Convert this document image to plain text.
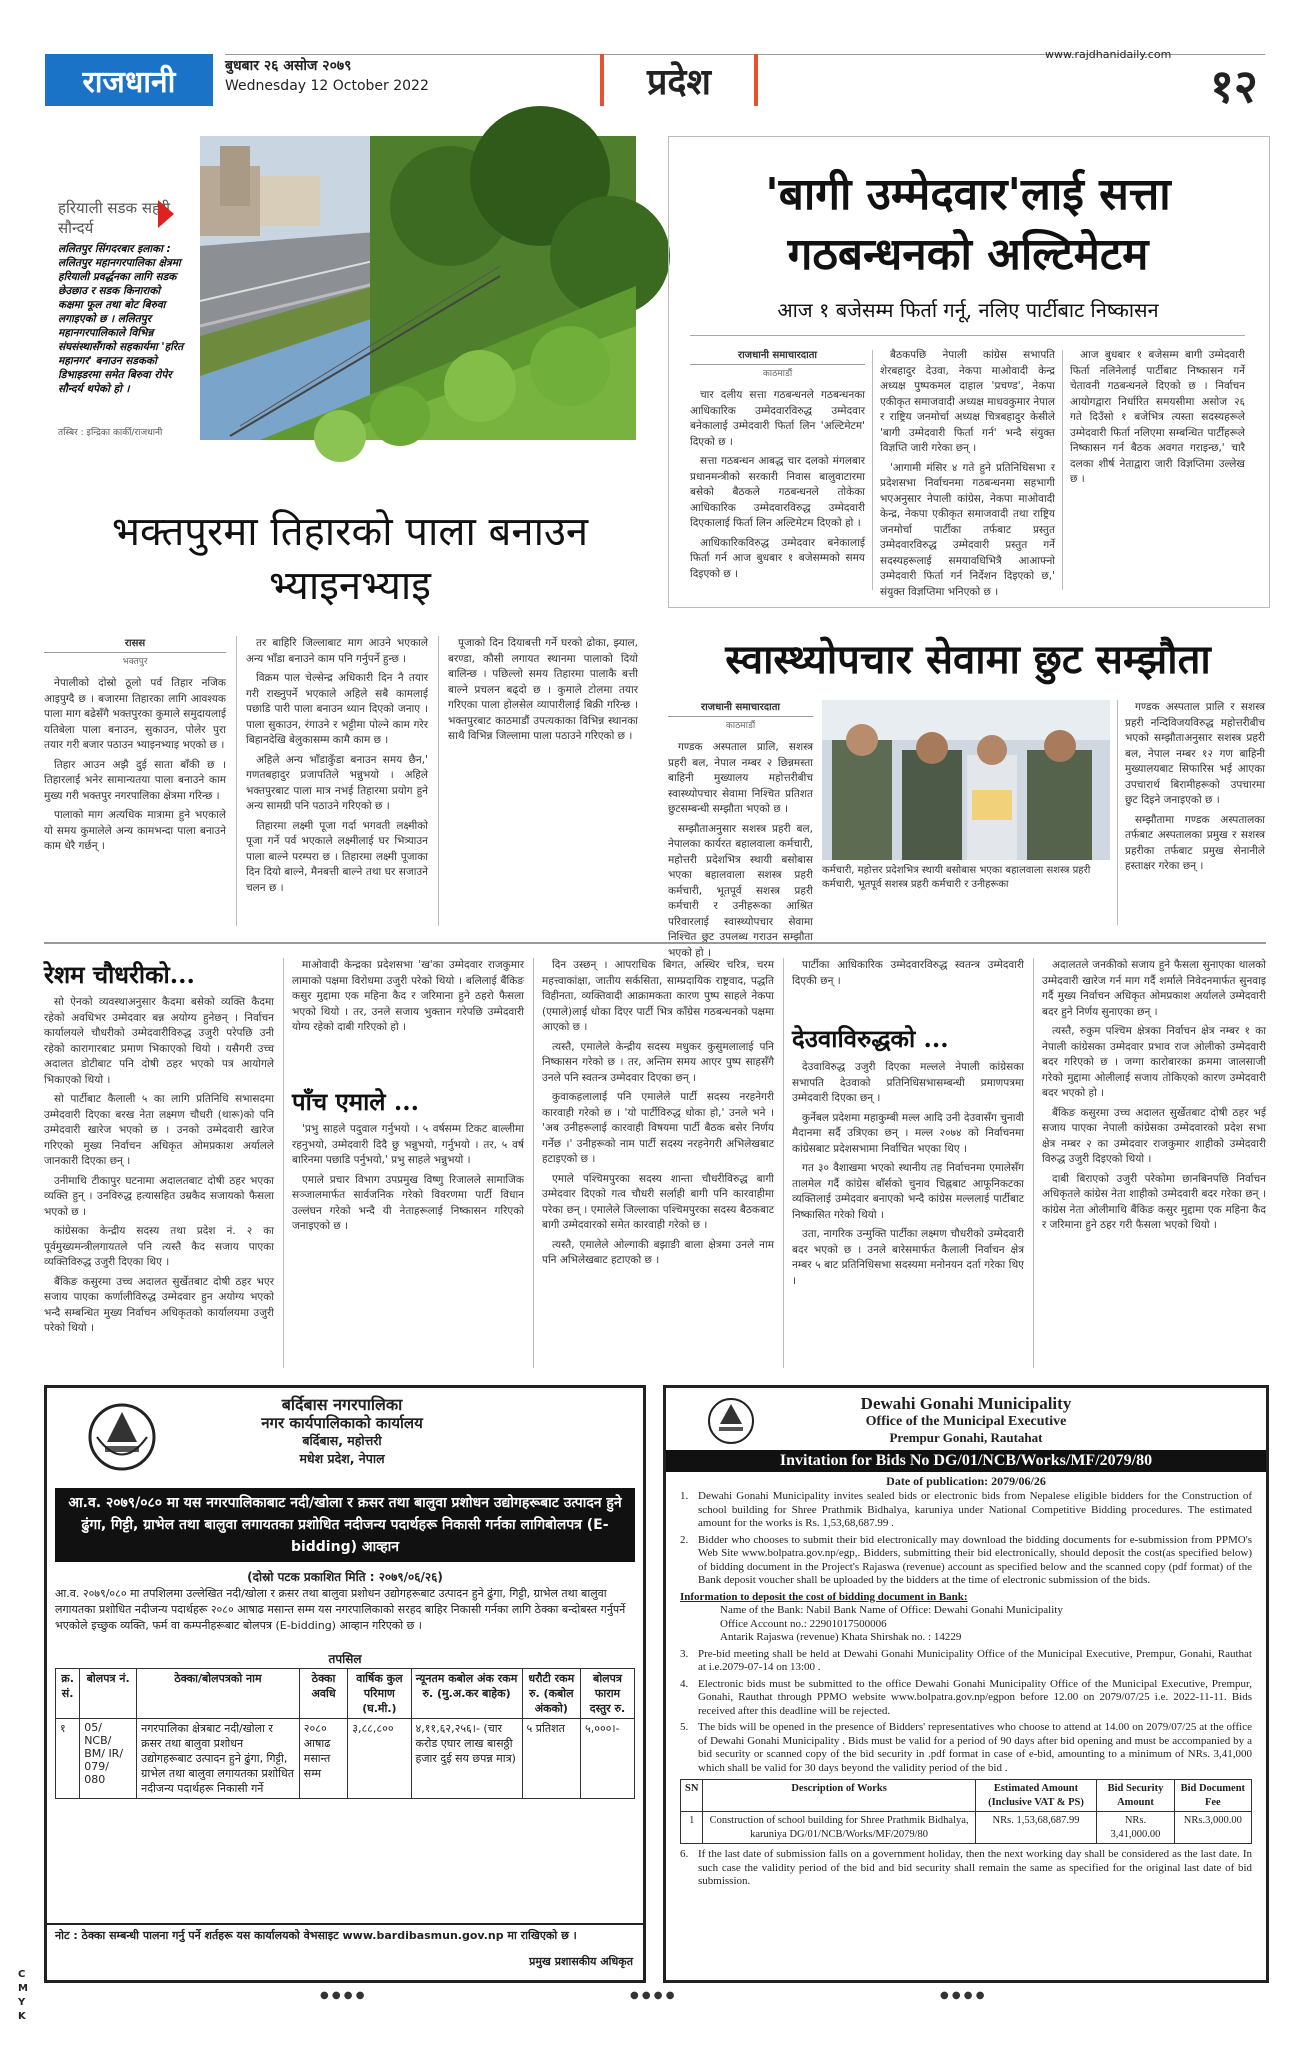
राजधानी	बुधबार २६ असोज २०७९
Wednesday 12 October 2022	प्रदेश
www.rajdhanidaily.com
१२
हरियाली सडक सहरी सौन्दर्य
ललितपुर सिंगदरबार इलाका : ललितपुर महानगरपालिका क्षेत्रमा हरियाली प्रवर्द्धनका लागि सडक छेउछाउ र सडक किनाराको कक्षमा फूल तथा बोट बिरुवा लगाइएको छ । ललितपुर महानगरपालिकाले विभिन्न संघसंस्थासँगको सहकार्यमा 'हरित महानगर' बनाउन सडकको डिभाइडरमा समेत बिरुवा रोपेर सौन्दर्य थपेको हो ।
तस्बिर : इन्द्रिका कार्की/राजधानी
'बागी उम्मेदवार'लाई सत्ता गठबन्धनको अल्टिमेटम
आज १ बजेसम्म फिर्ता गर्नू, नलिए पार्टीबाट निष्कासन
राजधानी समाचारदाता
काठमाडौं

चार दलीय सत्ता गठबन्धनले गठबन्धनका आधिकारिक उम्मेदवारविरुद्ध उम्मेदवार बनेकालाई उम्मेदवारी फिर्ता लिन 'अल्टिमेटम' दिएको छ ।

सत्ता गठबन्धन आबद्ध चार दलको मंगलबार प्रधानमन्त्रीको सरकारी निवास बालुवाटारमा बसेको बैठकले गठबन्धनले तोकेका आधिकारिक उम्मेदवारविरुद्ध उम्मेदवारी दिएकालाई फिर्ता लिन अल्टिमेटम दिएको हो ।

आधिकारिकविरुद्ध उम्मेदवार बनेकालाई फिर्ता गर्न आज बुधबार १ बजेसम्मको समय दिइएको छ ।

बैठकपछि नेपाली कांग्रेस सभापति शेरबहादुर देउवा, नेकपा माओवादी केन्द्र अध्यक्ष पुष्पकमल दाहाल 'प्रचण्ड', नेकपा एकीकृत समाजवादी अध्यक्ष माधवकुमार नेपाल र राष्ट्रिय जनमोर्चा अध्यक्ष चित्रबहादुर केसीले 'बागी उम्मेदवारी फिर्ता गर्न' भन्दै संयुक्त विज्ञप्ति जारी गरेका छन् ।

'आगामी मंसिर ४ गते हुने प्रतिनिधिसभा र प्रदेशसभा निर्वाचनमा गठबन्धनमा सहभागी भएअनुसार नेपाली कांग्रेस, नेकपा माओवादी केन्द्र, नेकपा एकीकृत समाजवादी तथा राष्ट्रिय जनमोर्चा पार्टीका तर्फबाट प्रस्तुत उम्मेदवारविरुद्ध उम्मेदवारी प्रस्तुत गर्ने सदस्यहरूलाई समयावधिभित्रै आआफ्नो उम्मेदवारी फिर्ता गर्न निर्देशन दिइएको छ,' संयुक्त विज्ञप्तिमा भनिएको छ ।

आज बुधबार १ बजेसम्म बागी उम्मेदवारी फिर्ता नलिनेलाई पार्टीबाट निष्कासन गर्ने चेतावनी गठबन्धनले दिएको छ । निर्वाचन आयोगद्वारा निर्धारित समयसीमा असोज २६ गते दिउँसो १ बजेभित्र त्यस्ता सदस्यहरूले उम्मेदवारी फिर्ता नलिएमा सम्बन्धित पार्टीहरूले निष्कासन गर्न बैठक अवगत गराइन्छ,' चारै दलका शीर्ष नेताद्वारा जारी विज्ञप्तिमा उल्लेख छ ।

भक्तपुरमा तिहारको पाला बनाउन भ्याइनभ्याइ
रासस
भक्तपुर

नेपालीको दोस्रो ठूलो पर्व तिहार नजिक आइपुग्दै छ । बजारमा तिहारका लागि आवश्यक पाला माग बढेसँगै भक्तपुरका कुमाले समुदायलाई यतिबेला पाला बनाउन, सुकाउन, पोलेर पुरा तयार गरी बजार पठाउन भ्याइनभ्याइ भएको छ ।

तिहार आउन अझै दुई साता बाँकी छ । तिहारलाई भनेर सामान्यतया पाला बनाउने काम मुख्य गरी भक्तपुर नगरपालिका क्षेत्रमा गरिन्छ ।

पालाको माग अत्यधिक मात्रामा हुने भएकाले यो समय कुमालेले अन्य कामभन्दा पाला बनाउने काम धेरै गर्छन् ।

तर बाहिरि जिल्लाबाट माग आउने भएकाले अन्य भाँडा बनाउने काम पनि गर्नुपर्ने हुन्छ ।

विक्रम पाल चेल्सेन्द्र अधिकारी दिन नै तयार गरी राख्नुपर्ने भएकाले अहिले सबै कामलाई पछाडि पारी पाला बनाउन ध्यान दिएको जनाए । पाला सुकाउन, रंगाउने र भट्टीमा पोल्ने काम गरेर बिहानदेखि बेलुकासम्म कामै काम छ ।

अहिले अन्य भाँडाकुँडा बनाउन समय छैन,' गणतबहादुर प्रजापतिले भन्नुभयो । अहिले भक्तपुरबाट पाला मात्र नभई तिहारमा प्रयोग हुने अन्य सामग्री पनि पठाउने गरिएको छ ।

तिहारमा लक्ष्मी पूजा गर्दा भगवती लक्ष्मीको पूजा गर्ने पर्व भएकाले लक्ष्मीलाई घर भित्र्याउन पाला बाल्ने परम्परा छ । तिहारमा लक्ष्मी पूजाका दिन दियो बाल्ने, मैनबत्ती बाल्ने तथा घर सजाउने चलन छ ।

पूजाको दिन दियाबत्ती गर्ने घरको ढोका, झ्याल, बरण्डा, कौसी लगायत स्थानमा पालाको दियो बालिन्छ । पछिल्लो समय तिहारमा पालाकै बत्ती बाल्ने प्रचलन बढ्दो छ । कुमाले टोलमा तयार गरिएका पाला होलसेल व्यापारीलाई बिक्री गरिन्छ । भक्तपुरबाट काठमाडौं उपत्यकाका विभिन्न स्थानका साथै विभिन्न जिल्लामा पाला पठाउने गरिएको छ ।

स्वास्थ्योपचार सेवामा छुट सम्झौता
राजधानी समाचारदाता
काठमाडौं

गण्डक अस्पताल प्रालि, सशस्त्र प्रहरी बल, नेपाल नम्बर २ छिन्नमस्ता बाहिनी मुख्यालय महोत्तरीबीच स्वास्थ्योपचार सेवामा निश्चित प्रतिशत छुटसम्बन्धी सम्झौता भएको छ ।

सम्झौताअनुसार सशस्त्र प्रहरी बल, नेपालका कार्यरत बहालवाला कर्मचारी, महोत्तरी प्रदेशभित्र स्थायी बसोबास भएका बहालवाला सशस्त्र प्रहरी कर्मचारी, भूतपूर्व सशस्त्र प्रहरी कर्मचारी र उनीहरूका आश्रित परिवारलाई स्वास्थ्योपचार सेवामा निश्चित छुट उपलब्ध गराउन सम्झौता भएको हो ।

कर्मचारी, महोत्तर प्रदेशभित्र स्थायी बसोबास भएका बहालवाला सशस्त्र प्रहरी कर्मचारी, भूतपूर्व सशस्त्र प्रहरी कर्मचारी र उनीहरूका

गण्डक अस्पताल प्रालि र सशस्त्र प्रहरी नन्दिविजयविरुद्ध महोत्तरीबीच भएको सम्झौताअनुसार सशस्त्र प्रहरी बल, नेपाल नम्बर १२ गण बाहिनी मुख्यालयबाट सिफारिस भई आएका उपचारार्थ बिरामीहरूको उपचारमा छुट दिइने जनाइएको छ ।

सम्झौतामा गण्डक अस्पतालका तर्फबाट अस्पतालका प्रमुख र सशस्त्र प्रहरीका तर्फबाट प्रमुख सेनानीले हस्ताक्षर गरेका छन् ।

रेशम चौधरीको...

सो ऐनको व्यवस्थाअनुसार कैदमा बसेको व्यक्ति कैदमा रहेको अवधिभर उम्मेदवार बन्न अयोग्य हुनेछन् । निर्वाचन कार्यालयले चौधरीको उम्मेदवारीविरुद्ध उजुरी परेपछि उनी रहेको कारागारबाट प्रमाण भिकाएको थियो । यसैगरी उच्च अदालत डोटीबाट पनि दोषी ठहर भएको पत्र आयोगले भिकाएको थियो ।

सो पार्टीबाट कैलाली ५ का लागि प्रतिनिधि सभासदमा उम्मेदवारी दिएका बरख नेता लक्ष्मण चौधरी (थारू)को पनि उम्मेदवारी खारेज भएको छ । उनको उम्मेदवारी खारेज गरिएको मुख्य निर्वाचन अधिकृत ओमप्रकाश अर्यालले जानकारी दिएका छन् ।

उनीमाथि टीकापुर घटनामा अदालतबाट दोषी ठहर भएका व्यक्ति हुन् । उनविरुद्ध हत्यासहित उम्रकैद सजायको फैसला भएको छ ।

कांग्रेसका केन्द्रीय सदस्य तथा प्रदेश नं. २ का पूर्वमुख्यमन्त्रीलगायतले पनि त्यस्तै कैद सजाय पाएका व्यक्तिविरुद्ध उजुरी दिएका थिए ।

बैंकिङ कसुरमा उच्च अदालत सुर्खेतबाट दोषी ठहर भएर सजाय पाएका कर्णालीविरुद्ध उम्मेदवार हुन अयोग्य भएको भन्दै सम्बन्धित मुख्य निर्वाचन अधिकृतको कार्यालयमा उजुरी परेको थियो ।

माओवादी केन्द्रका प्रदेशसभा 'ख'का उम्मेदवार राजकुमार लामाको पक्षमा विरोधमा उजुरी परेको थियो । बलिलाई बैंकिङ कसुर मुद्दामा एक महिना कैद र जरिमाना हुने ठहरो फैसला भएको थियो । तर, उनले सजाय भुक्तान गरेपछि उम्मेदवारी योग्य रहेको दाबी गरिएको हो ।

पाँच एमाले ...

'प्रभु साहले पदुवाल गर्नुभयो । ५ वर्षसम्म टिकट बाल्लीमा रहनुभयो, उम्मेदवारी दिदै छु भन्नुभयो, गर्नुभयो । तर, ५ वर्ष बारिनमा पछाडि पर्नुभयो,' प्रभु साहले भन्नुभयो ।

एमाले प्रचार विभाग उपप्रमुख विष्णु रिजालले सामाजिक सञ्जालमार्फत सार्वजनिक गरेको विवरणमा पार्टी विधान उल्लंघन गरेको भन्दै यी नेताहरूलाई निष्कासन गरिएको जनाइएको छ ।

दिन उस्छन् । आपराधिक बिगत, अस्थिर चरित्र, चरम महत्त्वाकांक्षा, जातीय सर्कसिता, साम्प्रदायिक राष्ट्रवाद, पद्धति विहीनता, व्यक्तिवादी आक्रामकता कारण पुष्प साहले नेकपा (एमाले)लाई धोका दिएर पार्टी भित्र काँग्रेस गठबन्धनको पक्षमा आएको छ ।

त्यस्तै, एमालेले केन्द्रीय सदस्य मधुकर कुसुमलालाई पनि निष्कासन गरेको छ । तर, अन्तिम समय आएर पुष्प साहसँगै उनले पनि स्वतन्त्र उम्मेदवार दिएका छन् ।

कुवाकहलालाई पनि एमालेले पार्टी सदस्य नरहनेगरी कारवाही गरेको छ । 'यो पार्टीविरुद्ध धोका हो,' उनले भने । 'अब उनीहरूलाई कारवाही विषयमा पार्टी बैठक बसेर निर्णय गर्नेछ ।' उनीहरूको नाम पार्टी सदस्य नरहनेगरी अभिलेखबाट हटाइएको छ ।

एमाले पश्चिमपुरका सदस्य शान्ता चौधरीविरुद्ध बागी उम्मेदवार दिएको गत्व चौधरी सर्लाही बागी पनि कारवाहीमा परेका छन् । एमालेले जिल्लाका पश्चिमपुरका सदस्य बैठकबाट बागी उम्मेदवारको समेत कारवाही गरेको छ ।

त्यस्तै, एमालेले ओल्गाकी बझाङी बाला क्षेत्रमा उनले नाम पनि अभिलेखबाट हटाएको छ ।

पार्टीका आधिकारिक उम्मेदवारविरुद्ध स्वतन्त्र उम्मेदवारी दिएकी छन् ।

देउवाविरुद्धको ...

देउवाविरुद्ध उजुरी दिएका मल्लले नेपाली कांग्रेसका सभापति देउवाको प्रतिनिधिसभासम्बन्धी प्रमाणपत्रमा उम्मेदवारी दिएका छन् ।

कुर्नेबल प्रदेशमा महाकुम्बी मल्ल आदि उनी देउवासँग चुनावी मैदानमा सर्दै उत्रिएका छन् । मल्ल २०७४ को निर्वाचनमा कांग्रेसबाट प्रदेशसभामा निर्वाचित भएका थिए ।

गत ३० वैशाखमा भएको स्थानीय तह निर्वाचनमा एमालेसँग तालमेल गर्दै कांग्रेस बाँर्सको चुनाव चिह्नबाट आफूनिकटका व्यक्तिलाई उम्मेदवार बनाएको भन्दै कांग्रेस मल्ललाई पार्टीबाट निष्कासित गरेको थियो ।

उता, नागरिक उन्मुक्ति पार्टीका लक्ष्मण चौधरीको उम्मेदवारी बदर भएको छ । उनले बारेसमार्फत कैलाली निर्वाचन क्षेत्र नम्बर ५ बाट प्रतिनिधिसभा सदस्यमा मनोनयन दर्ता गरेका थिए ।

अदालतले जनकीको सजाय हुने फैसला सुनाएका थालको उम्मेदवारी खारेज गर्न माग गर्दै शर्माले निवेदनमार्फत सुनवाइ गर्दै मुख्य निर्वाचन अधिकृत ओमप्रकाश अर्यालले उम्मेदवारी बदर हुने निर्णय सुनाएका छन् ।

त्यस्तै, रुकुम पश्चिम क्षेत्रका निर्वाचन क्षेत्र नम्बर १ का नेपाली कांग्रेसका उम्मेदवार प्रभाव राज ओलीको उम्मेदवारी बदर गरिएको छ । जग्गा कारोबारका क्रममा जालसाजी गरेको मुद्दामा ओलीलाई सजाय तोकिएको कारण उम्मेदवारी बदर भएको हो ।

बैंकिङ कसुरमा उच्च अदालत सुर्खेतबाट दोषी ठहर भई सजाय पाएका नेपाली कांग्रेसका उम्मेदवारको प्रदेश सभा क्षेत्र नम्बर २ का उम्मेदवार राजकुमार शाहीको उम्मेदवारी विरुद्ध उजुरी दिइएको थियो ।

दाबी बिराएको उजुरी परेकोमा छानबिनपछि निर्वाचन अधिकृतले कांग्रेस नेता शाहीको उम्मेदवारी बदर गरेका छन् । कांग्रेस नेता ओलीमाथि बैंकिङ कसुर मुद्दामा एक महिना कैद र जरिमाना हुने ठहर गरी फैसला भएको थियो ।

बर्दिबास नगरपालिका
नगर कार्यपालिकाको कार्यालय
बर्दिबास, महोत्तरी
मधेश प्रदेश, नेपाल
आ.व. २०७९/०८० मा यस नगरपालिकाबाट नदी/खोला र क्रसर तथा बालुवा प्रशोधन उद्योगहरूबाट उत्पादन हुने ढुंगा, गिट्टी, ग्राभेल तथा बालुवा लगायतका प्रशोधित नदीजन्य पदार्थहरू निकासी गर्नका लागिबोलपत्र (E-bidding) आव्हान
(दोस्रो पटक प्रकाशित मिति : २०७९/०६/२६)
आ.व. २०७९/०८० मा तपशिलमा उल्लेखित नदी/खोला र क्रसर तथा बालुवा प्रशोधन उद्योगहरूबाट उत्पादन हुने ढुंगा, गिट्टी, ग्राभेल तथा बालुवा लगायतका प्रशोधित नदीजन्य पदार्थहरू २०८० आषाढ मसान्त सम्म यस नगरपालिकाको सरहद बाहिर निकासी गर्नका लागि ठेक्का बन्दोबस्त गर्नुपर्ने भएकोले इच्छुक व्यक्ति, फर्म वा कम्पनीहरूबाट बोलपत्र (E-bidding) आव्हान गरिएको छ ।
तपसिल
क्र. सं.	बोलपत्र नं.	ठेक्का/बोलपत्रको नाम	ठेक्का अवधि	वार्षिक कुल परिमाण (घ.मी.)	न्यूनतम कबोल अंक रकम रु. (मु.अ.कर बाहेक)	धरौटी रकम रु. (कबोल अंकको)	बोलपत्र फाराम दस्तुर रु.
१	05/ NCB/ BM/ IR/ 079/ 080	नगरपालिका क्षेत्रबाट नदी/खोला र क्रसर तथा बालुवा प्रशोधन उद्योगहरूबाट उत्पादन हुने ढुंगा, गिट्टी, ग्राभेल तथा बालुवा लगायतका प्रशोधित नदीजन्य पदार्थहरू निकासी गर्ने	२०८० आषाढ मसान्त सम्म	३,८८,८००	४,११,६२,२५६।- (चार करोड एघार लाख बासठ्ठी हजार दुई सय छपन्न मात्र)	५ प्रतिशत	५,०००।-
नोट : ठेक्का सम्बन्धी पालना गर्नु पर्ने शर्तहरू यस कार्यालयको वेभसाइट www.bardibasmun.gov.np मा राखिएको छ ।
प्रमुख प्रशासकीय अधिकृत
Dewahi Gonahi Municipality
Office of the Municipal Executive
Prempur Gonahi, Rautahat
Invitation for Bids No DG/01/NCB/Works/MF/2079/80
Date of publication: 2079/06/26
1. Dewahi Gonahi Municipality invites sealed bids or electronic bids from Nepalese eligible bidders for the Construction of school building for Shree Prathmik Bidhalya, karuniya under National Competitive Bidding procedures. The estimated amount for the works is Rs. 1,53,68,687.99 .
2. Bidder who chooses to submit their bid electronically may download the bidding documents for e-submission from PPMO's Web Site www.bolpatra.gov.np/egp,. Bidders, submitting their bid electronically, should deposit the cost(as specified below) of bidding document in the Project's Rajaswa (revenue) account as specified below and the scanned copy (pdf format) of the Bank deposit voucher shall be uploaded by the bidders at the time of electronic submission of the bids.
Information to deposit the cost of bidding document in Bank:
Name of the Bank: Nabil Bank Name of Office: Dewahi Gonahi Municipality
Office Account no.: 22901017500006
Antarik Rajaswa (revenue) Khata Shirshak no. : 14229
3. Pre-bid meeting shall be held at Dewahi Gonahi Municipality Office of the Municipal Executive, Prempur, Gonahi, Rauthat at i.e.2079-07-14 on 13:00 .
4. Electronic bids must be submitted to the office Dewahi Gonahi Municipality Office of the Municipal Executive, Prempur, Gonahi, Rauthat through PPMO website www.bolpatra.gov.np/egpon before 12.00 on 2079/07/25 i.e. 2022-11-11. Bids received after this deadline will be rejected.
5. The bids will be opened in the presence of Bidders' representatives who choose to attend at 14.00 on 2079/07/25 at the office of Dewahi Gonahi Municipality . Bids must be valid for a period of 90 days after bid opening and must be accompanied by a bid security or scanned copy of the bid security in .pdf format in case of e-bid, amounting to a minimum of NRs. 3,41,000 which shall be valid for 30 days beyond the validity period of the bid .
SN	Description of Works	Estimated Amount (Inclusive VAT & PS)	Bid Security Amount	Bid Document Fee
1	Construction of school building for Shree Prathmik Bidhalya, karuniya DG/01/NCB/Works/MF/2079/80	NRs. 1,53,68,687.99	NRs. 3,41,000.00	NRs.3,000.00
6. If the last date of submission falls on a government holiday, then the next working day shall be considered as the last date. In such case the validity period of the bid and bid security shall remain the same as specified for the original last date of bid submission.
CMYK
● ● ● ●	● ● ● ●	● ● ● ●
